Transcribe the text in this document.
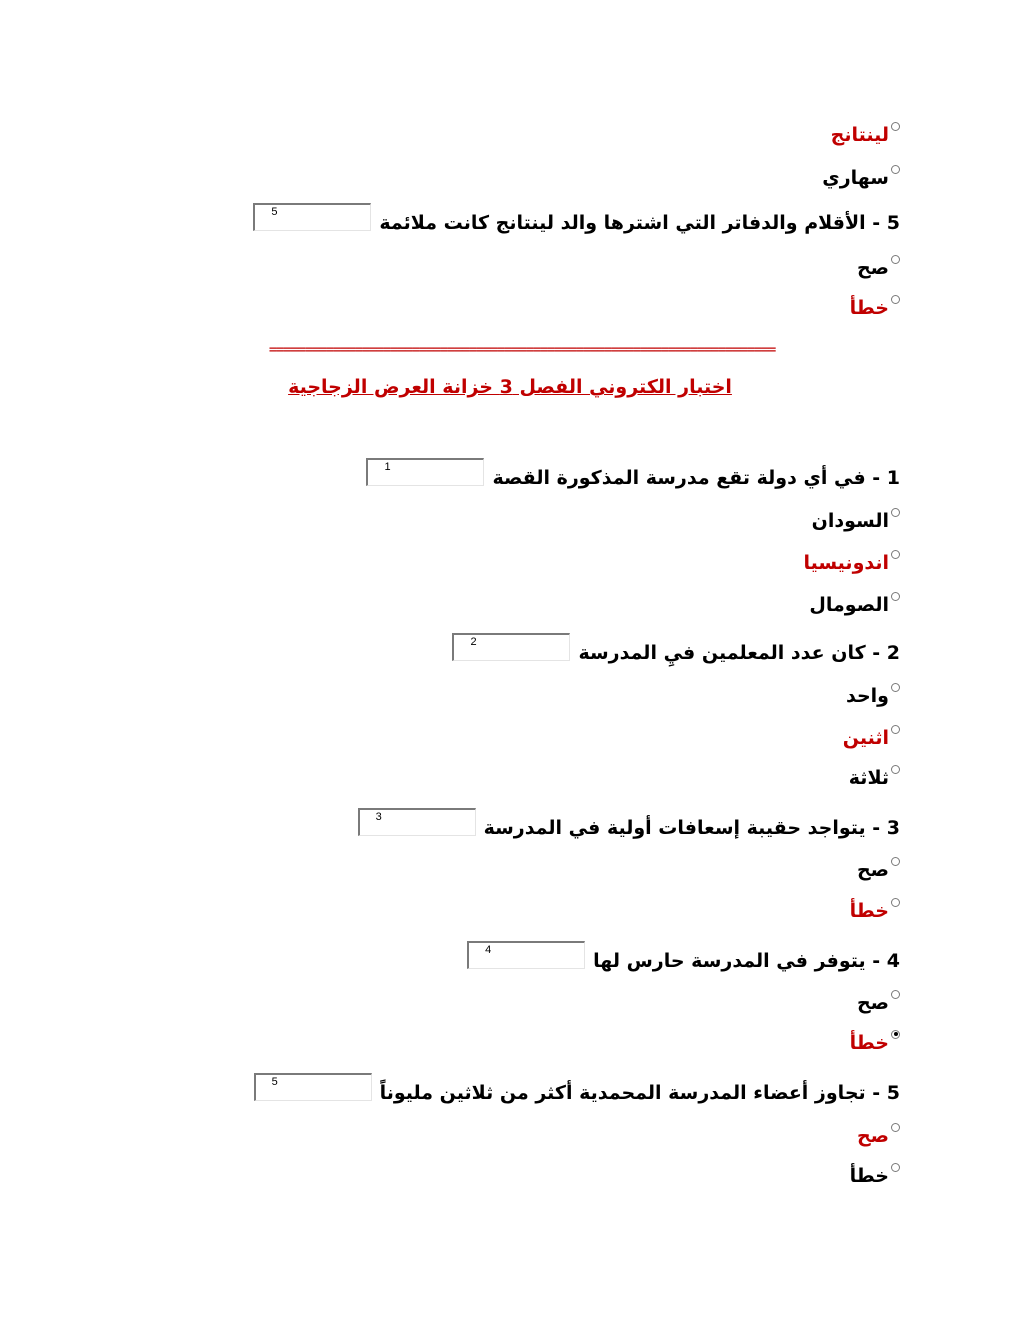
لينتانج
سهاري
5 - الأقلام والدفاتر التي اشترها والد لينتانج كانت ملائمة
5
صح
خطأ
=======================================================================
اختبار الكتروني الفصل 3 خزانة العرض الزجاجية
1 - في أي دولة تقع مدرسة المذكورة القصة
1
السودان
اندونيسيا
الصومال
2 - كان عدد المعلمين فيِ المدرسة
2
واحد
اثنين
ثلاثة
3 - يتواجد حقيبة إسعافات أولية في المدرسة
3
صح
خطأ
4 - يتوفر في المدرسة حارس لها
4
صح
خطأ
5 - تجاوز أعضاء المدرسة المحمدية أكثر من ثلاثين مليوناً
5
صح
خطأ
